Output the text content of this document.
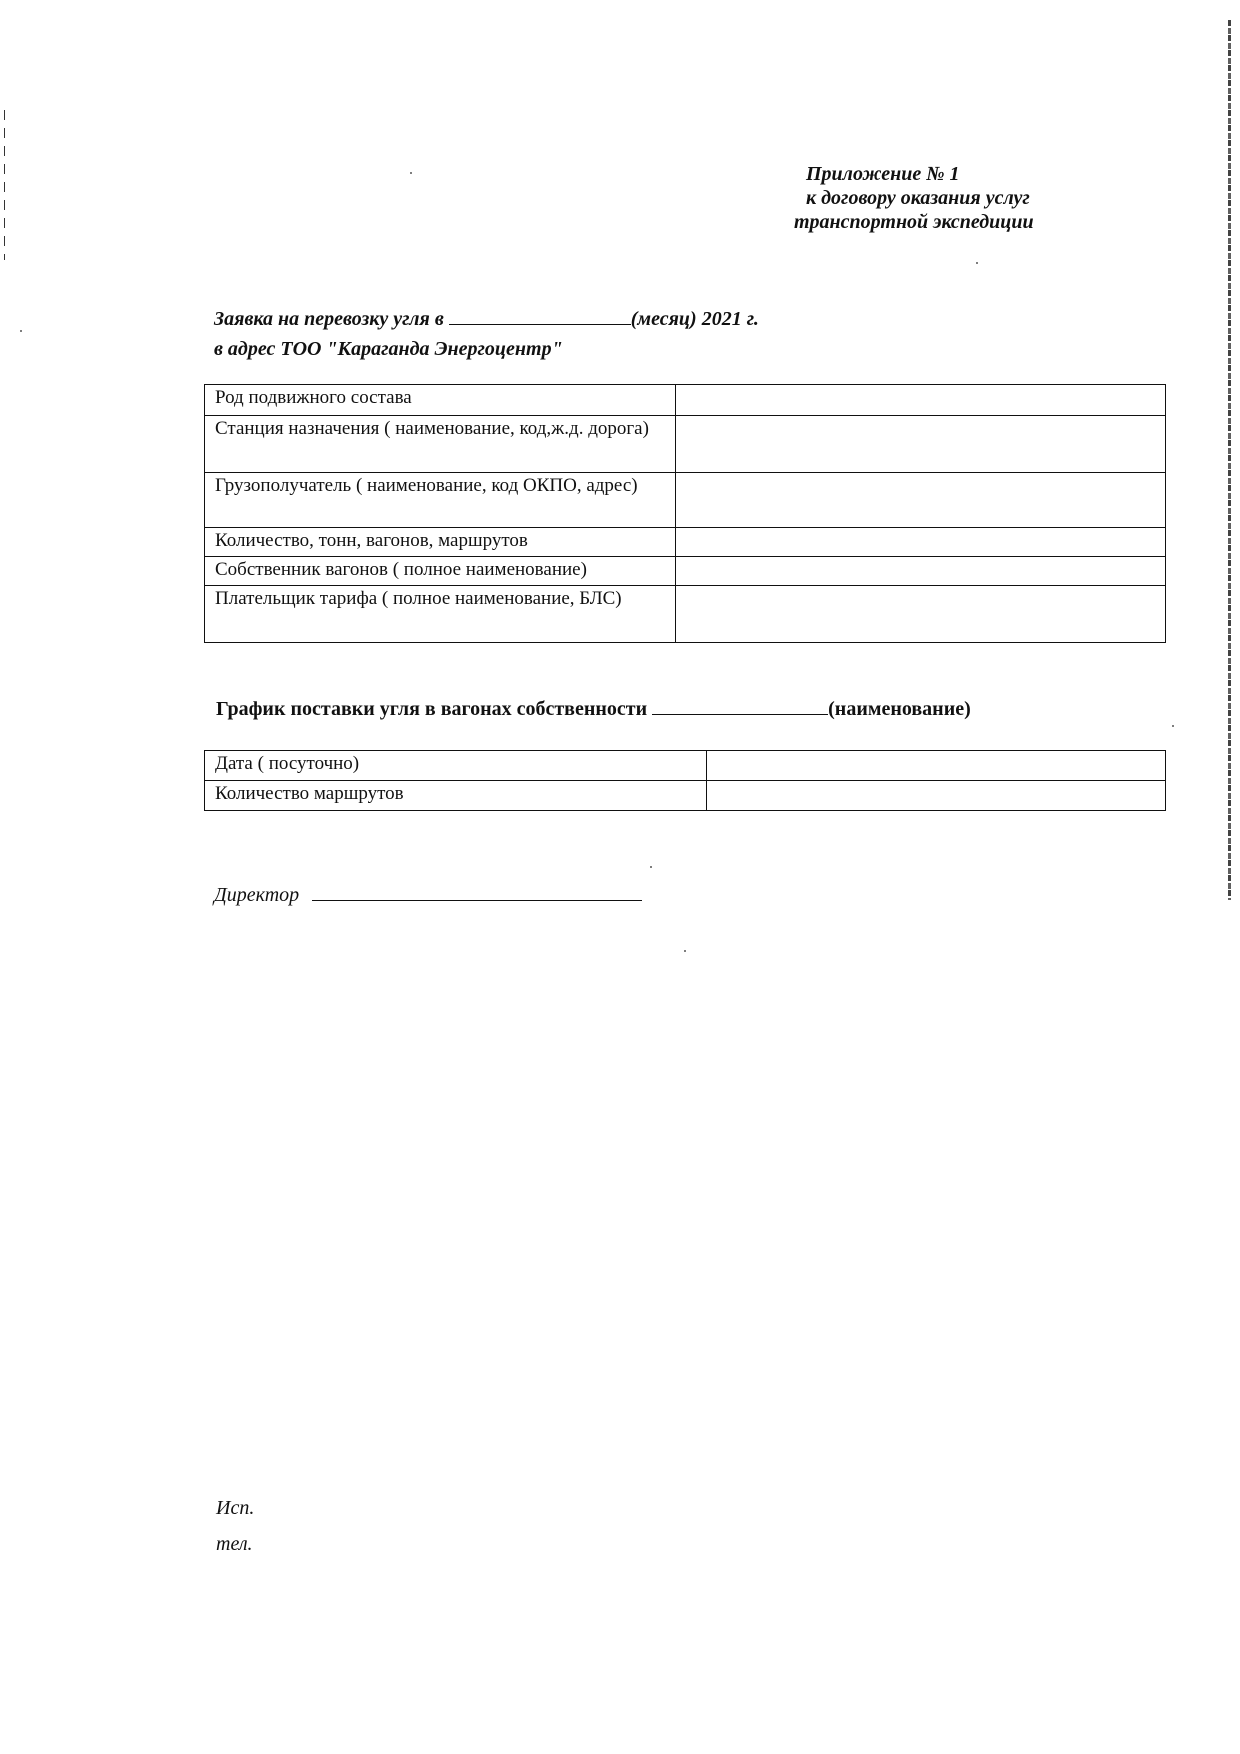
Приложение № 1
к договору оказания услуг
транспортной экспедиции
Заявка на перевозку угля в	(месяц) 2021 г.
в адрес ТОО "Караганда Энергоцентр"
Род подвижного состава	
Станция назначения ( наименование, код,ж.д. дорога)	
Грузополучатель ( наименование, код ОКПО, адрес)	
Количество, тонн, вагонов, маршрутов	
Собственник вагонов ( полное наименование)	
Плательщик тарифа ( полное наименование, БЛС)	
График поставки угля в вагонах собственности	(наименование)
Дата ( посуточно)	
Количество маршрутов	
Директор
Исп.
тел.
